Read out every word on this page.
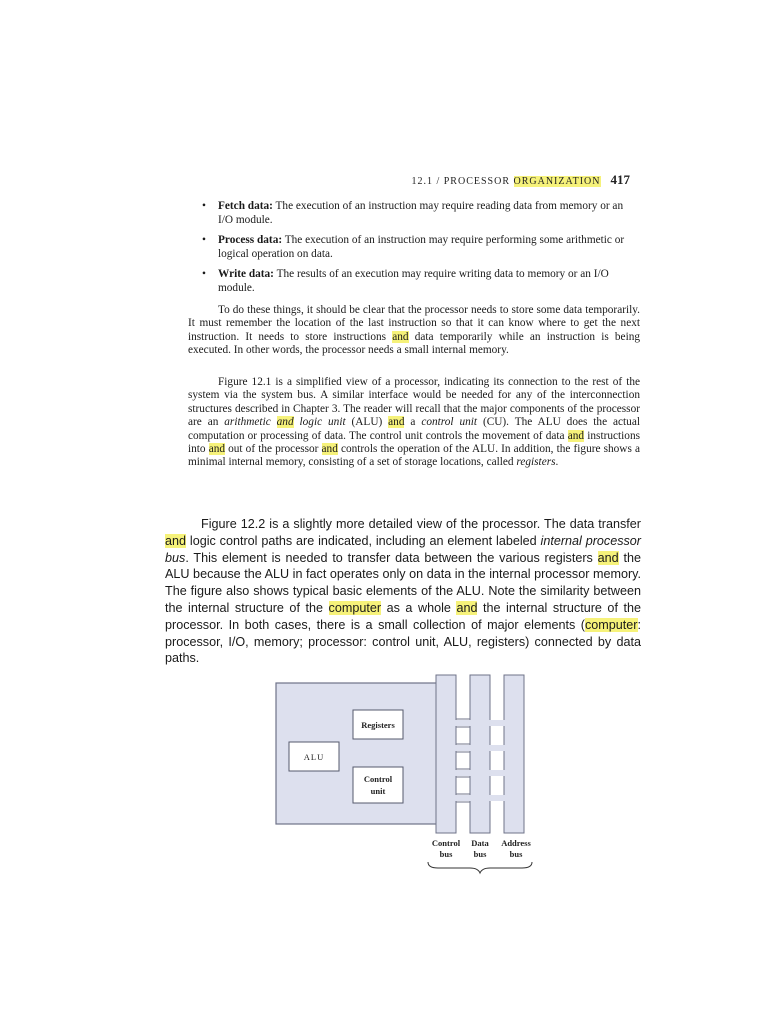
12.1 / PROCESSOR ORGANIZATION 417
• Fetch data: The execution of an instruction may require reading data from memory or an I/O module.
• Process data: The execution of an instruction may require performing some arithmetic or logical operation on data.
• Write data: The results of an execution may require writing data to memory or an I/O module.

To do these things, it should be clear that the processor needs to store some data temporarily. It must remember the location of the last instruction so that it can know where to get the next instruction. It needs to store instructions and data temporarily while an instruction is being executed. In other words, the processor needs a small internal memory.

Figure 12.1 is a simplified view of a processor, indicating its connection to the rest of the system via the system bus. A similar interface would be needed for any of the interconnection structures described in Chapter 3. The reader will recall that the major components of the processor are an arithmetic and logic unit (ALU) and a control unit (CU). The ALU does the actual computation or processing of data. The control unit controls the movement of data and instructions into and out of the processor and controls the operation of the ALU. In addition, the figure shows a minimal internal memory, consisting of a set of storage locations, called registers.

Figure 12.2 is a slightly more detailed view of the processor. The data transfer and logic control paths are indicated, including an element labeled internal processor bus. This element is needed to transfer data between the various registers and the ALU because the ALU in fact operates only on data in the internal processor memory. The figure also shows typical basic elements of the ALU. Note the similarity between the internal structure of the computer as a whole and the internal structure of the processor. In both cases, there is a small collection of major elements (computer: processor, I/O, memory; processor: control unit, ALU, registers) connected by data paths.

Registers
ALU
Control
unit
Control
bus
Data
bus
Address
bus
